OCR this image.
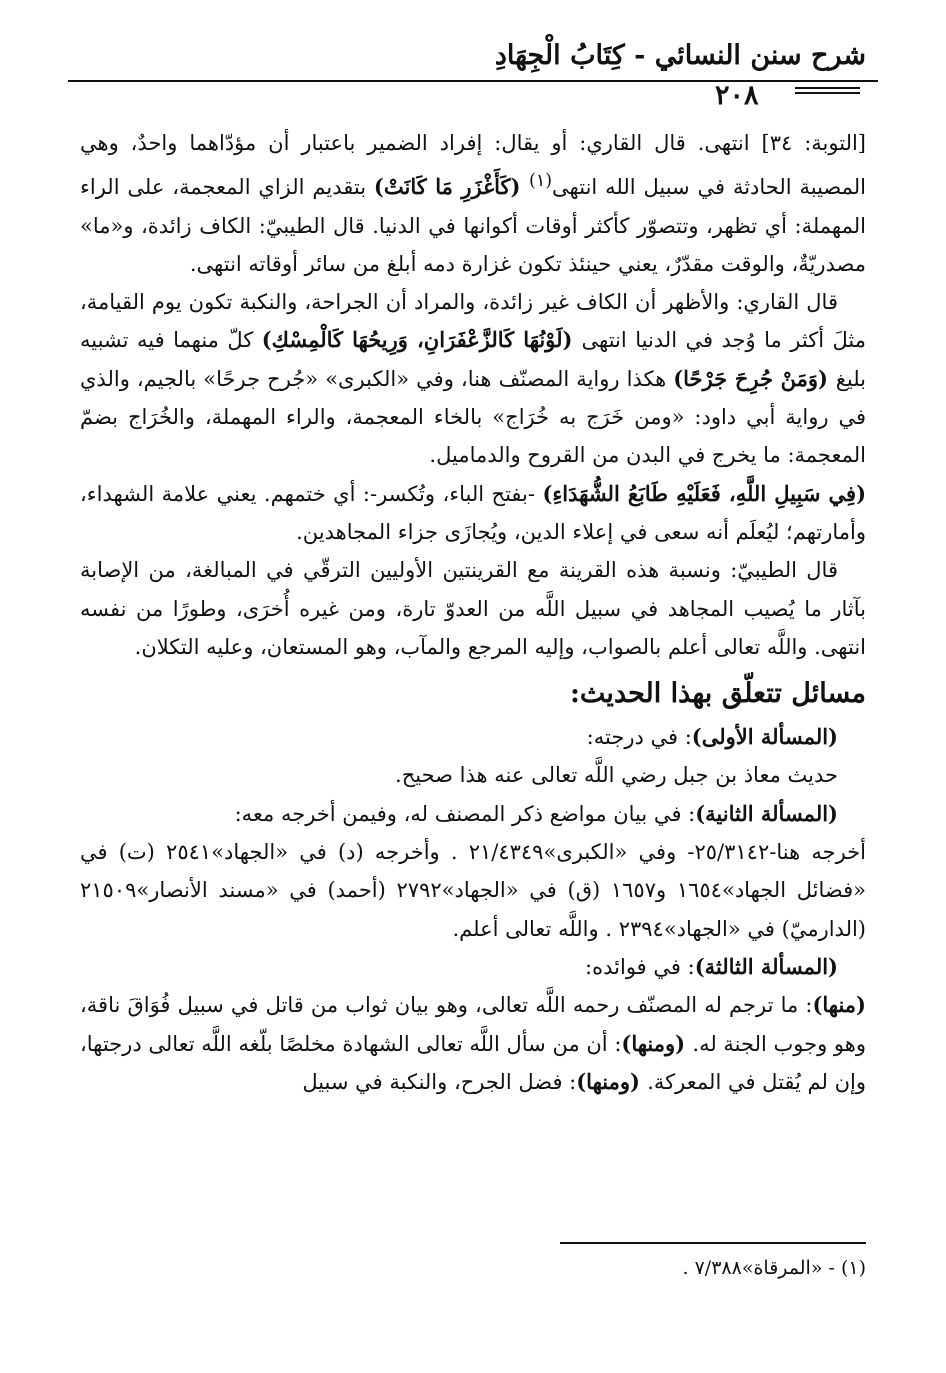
شرح سنن النسائي - كِتَابُ الْجِهَادِ
٢٠٨

[التوبة: ٣٤] انتهى. قال القاري: أو يقال: إفراد الضمير باعتبار أن مؤدّاهما واحدٌ، وهي المصيبة الحادثة في سبيل الله انتهى$^{(١)}$ (كَأَغْزَرِ مَا كَانَتْ) بتقديم الزاي المعجمة، على الراء المهملة: أي تظهر، وتتصوّر كأكثر أوقات أكوانها في الدنيا. قال الطيبيّ: الكاف زائدة، و«ما» مصدريّةٌ، والوقت مقدّرٌ، يعني حينئذ تكون غزارة دمه أبلغ من سائر أوقاته انتهى.

قال القاري: والأظهر أن الكاف غير زائدة، والمراد أن الجراحة، والنكبة تكون يوم القيامة، مثلَ أكثر ما وُجد في الدنيا انتهى (لَوْنُهَا كَالزَّعْفَرَانِ، وَرِيحُهَا كَالْمِسْكِ) كلّ منهما فيه تشبيه بليغ (وَمَنْ جُرِحَ جَرْحًا) هكذا رواية المصنّف هنا، وفي «الكبرى» «جُرح جرحًا» بالجيم، والذي في رواية أبي داود: «ومن خَرَج به خُرَاج» بالخاء المعجمة، والراء المهملة، والخُرَاج بضمّ المعجمة: ما يخرج في البدن من القروح والدماميل.

(فِي سَبِيلِ اللَّهِ، فَعَلَيْهِ طَابَعُ الشُّهَدَاءِ) -بفتح الباء، وتُكسر-: أي ختمهم. يعني علامة الشهداء، وأمارتهم؛ ليُعلَم أنه سعى في إعلاء الدين، ويُجازَى جزاء المجاهدين.

قال الطيبيّ: ونسبة هذه القرينة مع القرينتين الأوليين الترقّي في المبالغة، من الإصابة بآثار ما يُصيب المجاهد في سبيل اللَّه من العدوّ تارة، ومن غيره أُخرَى، وطورًا من نفسه انتهى. واللَّه تعالى أعلم بالصواب، وإليه المرجع والمآب، وهو المستعان، وعليه التكلان.

مسائل تتعلّق بهذا الحديث:

(المسألة الأولى): في درجته:

حديث معاذ بن جبل رضي اللَّه تعالى عنه هذا صحيح.

(المسألة الثانية): في بيان مواضع ذكر المصنف له، وفيمن أخرجه معه:

أخرجه هنا-٢٥/٣١٤٢- وفي «الكبرى»٢١/٤٣٤٩ . وأخرجه (د) في «الجهاد»٢٥٤١ (ت) في «فضائل الجهاد»١٦٥٤ و١٦٥٧ (ق) في «الجهاد»٢٧٩٢ (أحمد) في «مسند الأنصار»٢١٥٠٩ (الدارميّ) في «الجهاد»٢٣٩٤ . واللَّه تعالى أعلم.

(المسألة الثالثة): في فوائده:

(منها): ما ترجم له المصنّف رحمه اللَّه تعالى، وهو بيان ثواب من قاتل في سبيل فُوَاقَ ناقة، وهو وجوب الجنة له. (ومنها): أن من سأل اللَّه تعالى الشهادة مخلصًا بلّغه اللَّه تعالى درجتها، وإن لم يُقتل في المعركة. (ومنها): فضل الجرح، والنكبة في سبيل

(١) - «المرقاة»٧/٣٨٨ .
